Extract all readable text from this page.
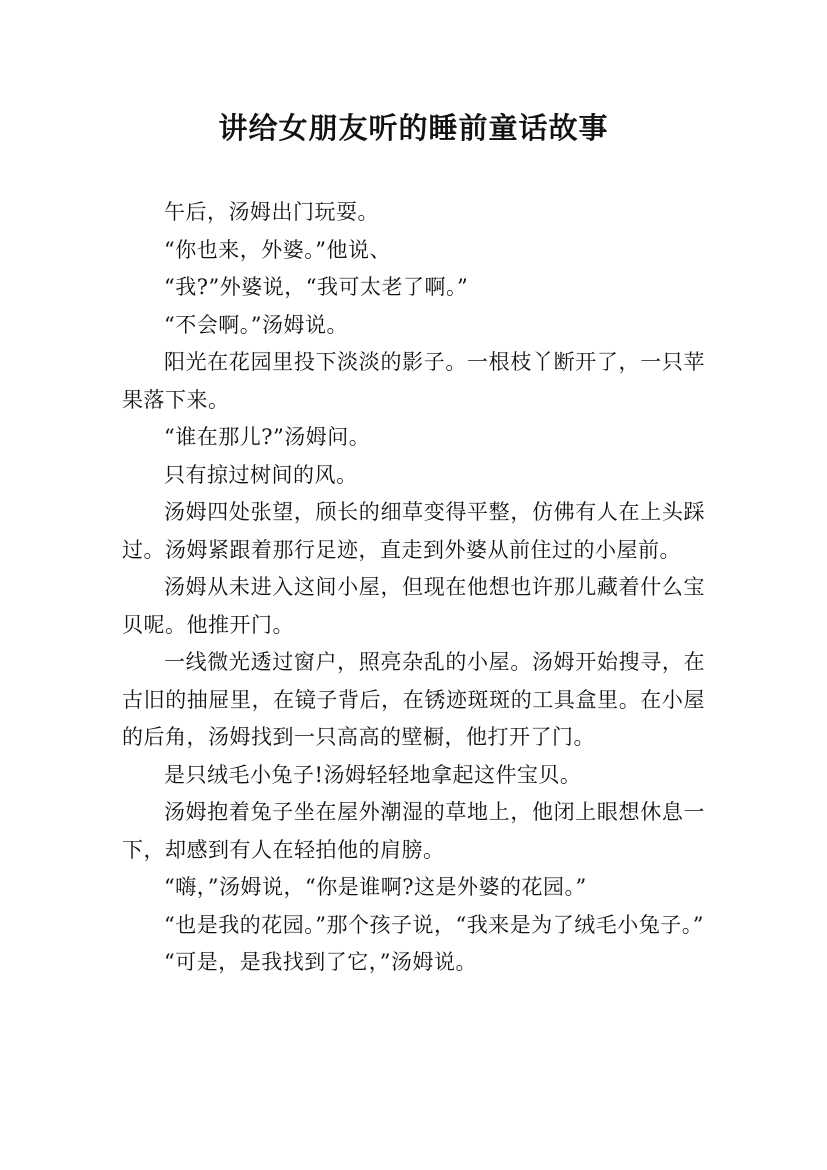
讲给女朋友听的睡前童话故事

午后，汤姆出门玩耍。

“你也来，外婆。”他说、

“我?”外婆说，“我可太老了啊。”

“不会啊。”汤姆说。

阳光在花园里投下淡淡的影子。一根枝丫断开了，一只苹果落下来。

“谁在那儿?”汤姆问。

只有掠过树间的风。

汤姆四处张望，颀长的细草变得平整，仿佛有人在上头踩过。汤姆紧跟着那行足迹，直走到外婆从前住过的小屋前。

汤姆从未进入这间小屋，但现在他想也许那儿藏着什么宝贝呢。他推开门。

一线微光透过窗户，照亮杂乱的小屋。汤姆开始搜寻，在古旧的抽屉里，在镜子背后，在锈迹斑斑的工具盒里。在小屋的后角，汤姆找到一只高高的壁橱，他打开了门。

是只绒毛小兔子!汤姆轻轻地拿起这件宝贝。

汤姆抱着兔子坐在屋外潮湿的草地上，他闭上眼想休息一下，却感到有人在轻拍他的肩膀。

“嗨，”汤姆说，“你是谁啊?这是外婆的花园。”

“也是我的花园。”那个孩子说，“我来是为了绒毛小兔子。”

“可是，是我找到了它，”汤姆说。
